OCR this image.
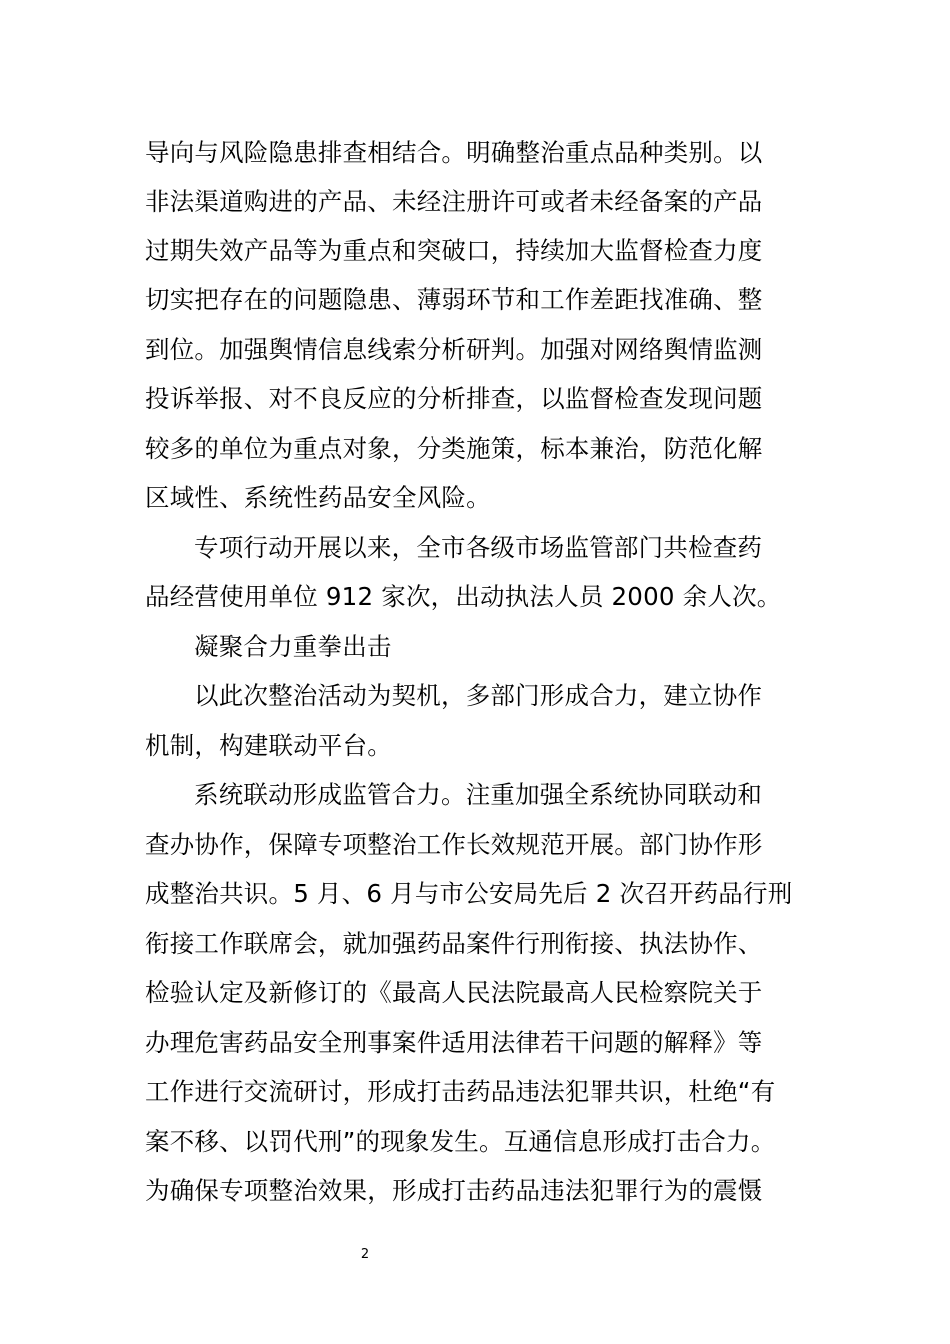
导向与风险隐患排查相结合。明确整治重点品种类别。以
非法渠道购进的产品、未经注册许可或者未经备案的产品
过期失效产品等为重点和突破口，持续加大监督检查力度
切实把存在的问题隐患、薄弱环节和工作差距找准确、整
到位。加强舆情信息线索分析研判。加强对网络舆情监测
投诉举报、对不良反应的分析排查，以监督检查发现问题
较多的单位为重点对象，分类施策，标本兼治，防范化解
区域性、系统性药品安全风险。
专项行动开展以来，全市各级市场监管部门共检查药
品经营使用单位 912 家次，出动执法人员 2000 余人次。
凝聚合力重拳出击
以此次整治活动为契机，多部门形成合力，建立协作
机制，构建联动平台。
系统联动形成监管合力。注重加强全系统协同联动和
查办协作，保障专项整治工作长效规范开展。部门协作形
成整治共识。5 月、6 月与市公安局先后 2 次召开药品行刑
衔接工作联席会，就加强药品案件行刑衔接、执法协作、
检验认定及新修订的《最高人民法院最高人民检察院关于
办理危害药品安全刑事案件适用法律若干问题的解释》等
工作进行交流研讨，形成打击药品违法犯罪共识，杜绝“有
案不移、以罚代刑”的现象发生。互通信息形成打击合力。
为确保专项整治效果，形成打击药品违法犯罪行为的震慑
2
